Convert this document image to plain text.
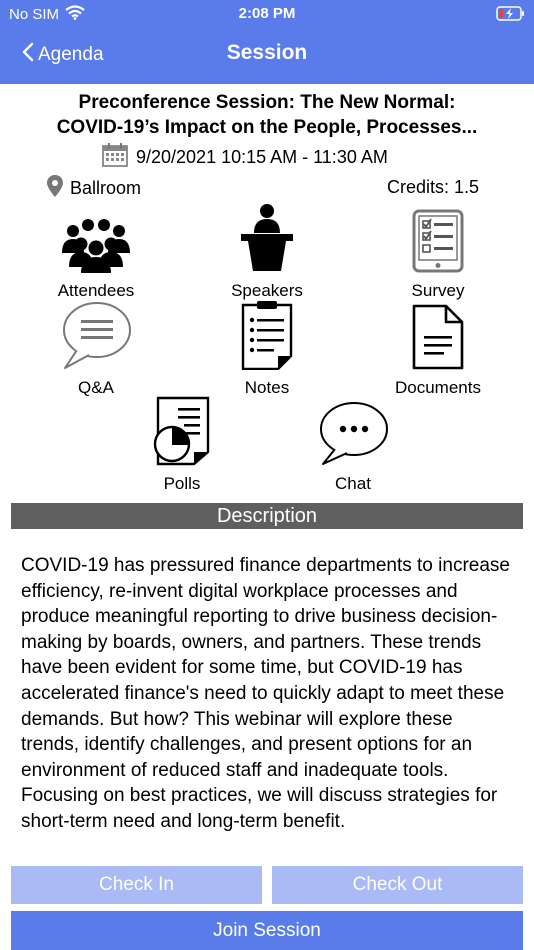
No SIM	2:08 PM
Agenda	Session
Preconference Session: The New Normal:
COVID-19’s Impact on the People, Processes...
9/20/2021 10:15 AM - 11:30 AM
Ballroom	Credits: 1.5
Attendees	Speakers	Survey
Q&A	Notes	Documents
Polls	Chat
Description
COVID-19 has pressured finance departments to increase efficiency, re-invent digital workplace processes and produce meaningful reporting to drive business decision-making by boards, owners, and partners. These trends have been evident for some time, but COVID-19 has accelerated finance's need to quickly adapt to meet these demands. But how? This webinar will explore these trends, identify challenges, and present options for an environment of reduced staff and inadequate tools. Focusing on best practices, we will discuss strategies for short-term need and long-term benefit.
Check In	Check Out
Join Session
